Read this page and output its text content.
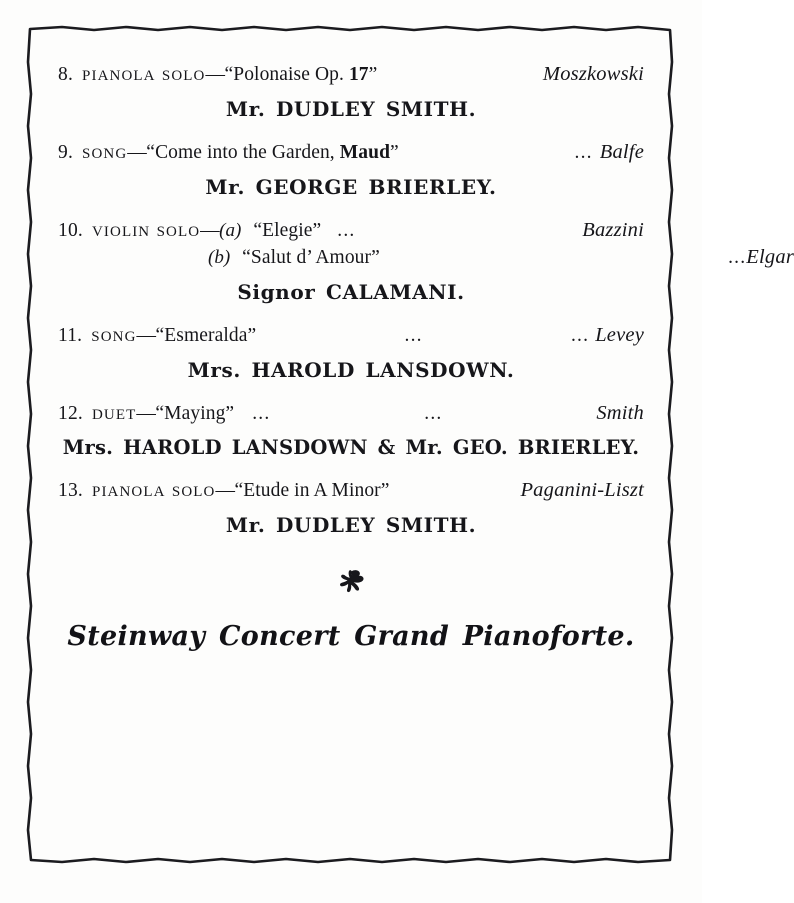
8. pianola solo — “Polonaise Op. 17”	Moszkowski
Mr. DUDLEY SMITH.
9. song — “Come into the Garden, Maud”	... Balfe
Mr. GEORGE BRIERLEY.
10. violin solo — (a) “Elegie” ...	Bazzini
(b) “Salut d’ Amour”	... Elgar
Signor CALAMANI.
11. song — “Esmeralda”	...	... Levey
Mrs. HAROLD LANSDOWN.
12. duet — “Maying” ...	...	Smith
Mrs. HAROLD LANSDOWN & Mr. GEO. BRIERLEY.
13. pianola solo — “Etude in A Minor”	Paganini-Liszt
Mr. DUDLEY SMITH.
Steinway Concert Grand Pianoforte.
